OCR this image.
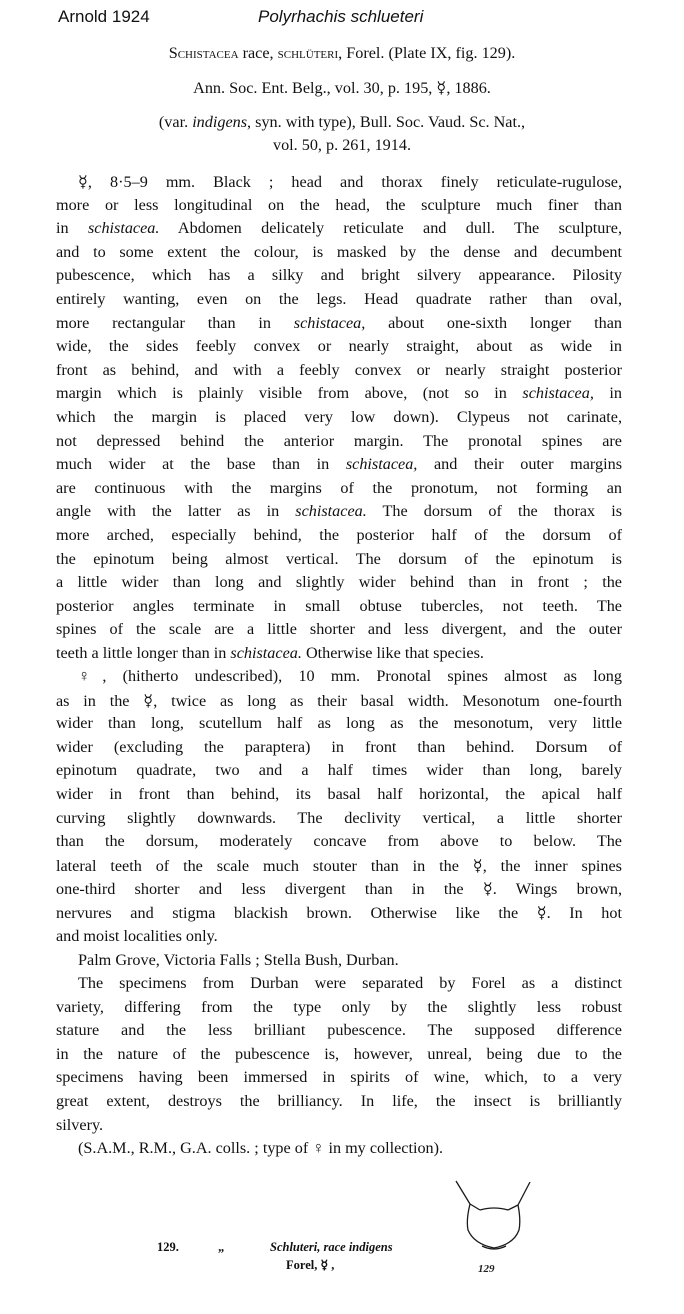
Arnold 1924	Polyrhachis schlueteri
Schistacea race, schlüteri, Forel. (Plate IX, fig. 129).
Ann. Soc. Ent. Belg., vol. 30, p. 195, ☿, 1886.
(var. indigens, syn. with type), Bull. Soc. Vaud. Sc. Nat.,
vol. 50, p. 261, 1914.
☿, 8·5–9 mm. Black ; head and thorax finely reticulate-rugulose,
more or less longitudinal on the head, the sculpture much finer than
in schistacea. Abdomen delicately reticulate and dull. The sculpture,
and to some extent the colour, is masked by the dense and decumbent
pubescence, which has a silky and bright silvery appearance. Pilosity
entirely wanting, even on the legs. Head quadrate rather than oval,
more rectangular than in schistacea, about one-sixth longer than
wide, the sides feebly convex or nearly straight, about as wide in
front as behind, and with a feebly convex or nearly straight posterior
margin which is plainly visible from above, (not so in schistacea, in
which the margin is placed very low down). Clypeus not carinate,
not depressed behind the anterior margin. The pronotal spines are
much wider at the base than in schistacea, and their outer margins
are continuous with the margins of the pronotum, not forming an
angle with the latter as in schistacea. The dorsum of the thorax is
more arched, especially behind, the posterior half of the dorsum of
the epinotum being almost vertical. The dorsum of the epinotum is
a little wider than long and slightly wider behind than in front ; the
posterior angles terminate in small obtuse tubercles, not teeth. The
spines of the scale are a little shorter and less divergent, and the outer
teeth a little longer than in schistacea. Otherwise like that species.
♀, (hitherto undescribed), 10 mm. Pronotal spines almost as long
as in the ☿, twice as long as their basal width. Mesonotum one-fourth
wider than long, scutellum half as long as the mesonotum, very little
wider (excluding the paraptera) in front than behind. Dorsum of
epinotum quadrate, two and a half times wider than long, barely
wider in front than behind, its basal half horizontal, the apical half
curving slightly downwards. The declivity vertical, a little shorter
than the dorsum, moderately concave from above to below. The
lateral teeth of the scale much stouter than in the ☿, the inner spines
one-third shorter and less divergent than in the ☿. Wings brown,
nervures and stigma blackish brown. Otherwise like the ☿. In hot
and moist localities only.
Palm Grove, Victoria Falls ; Stella Bush, Durban.
The specimens from Durban were separated by Forel as a distinct
variety, differing from the type only by the slightly less robust
stature and the less brilliant pubescence. The supposed difference
in the nature of the pubescence is, however, unreal, being due to the
specimens having been immersed in spirits of wine, which, to a very
great extent, destroys the brilliancy. In life, the insect is brilliantly
silvery.
(S.A.M., R.M., G.A. colls. ; type of ♀ in my collection).
129.	„	Schluteri, race indigens
Forel, ☿ ,	129
